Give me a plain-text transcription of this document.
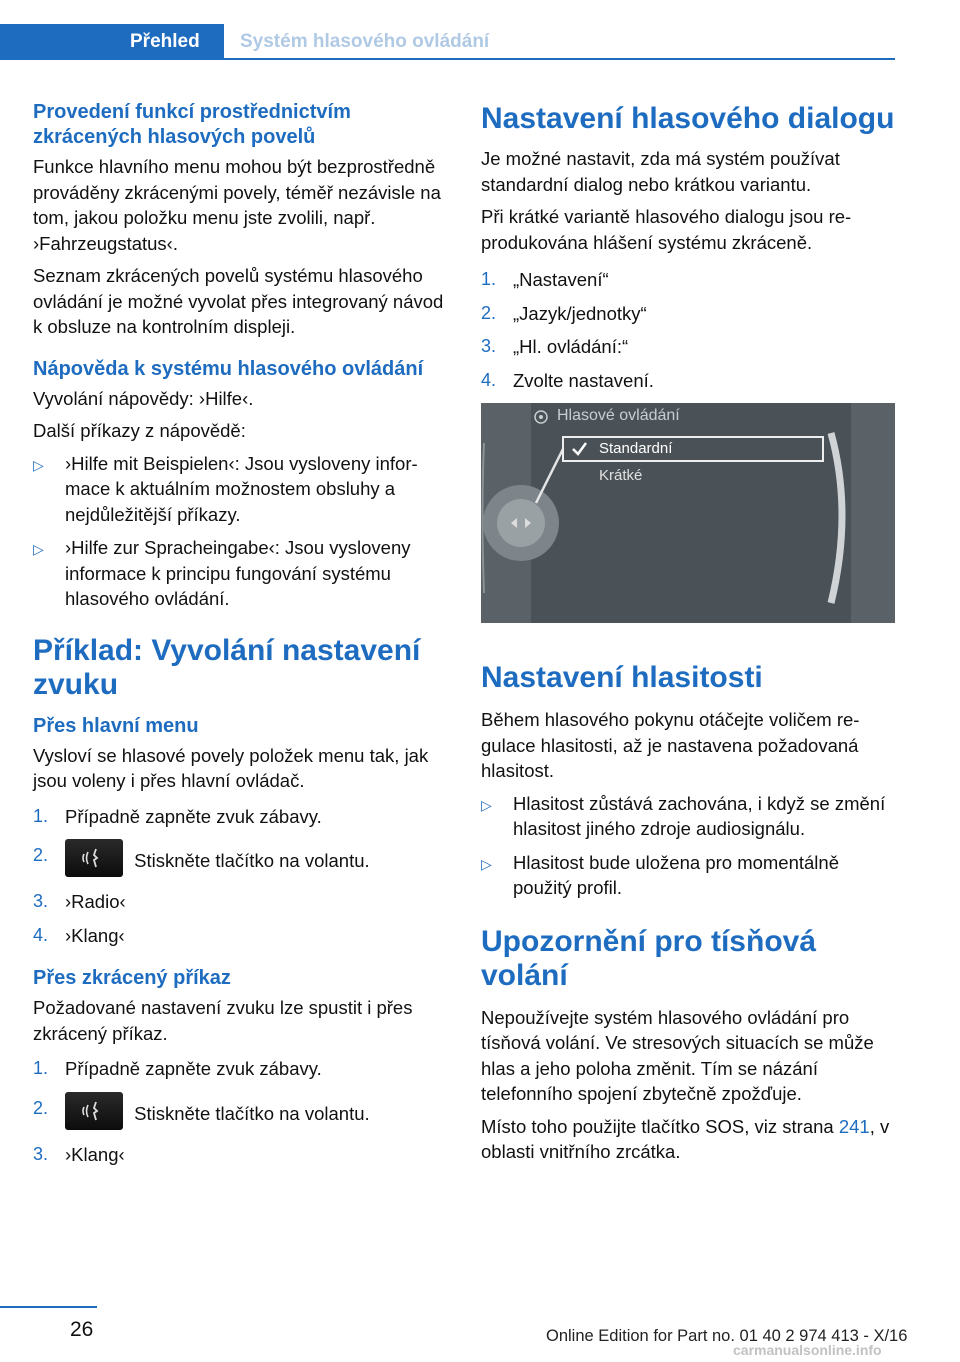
Přehled	Systém hlasového ovládání
Provedení funkcí prostřednictvím zkrácených hlasových povelů
Funkce hlavního menu mohou být bezprostředně prováděny zkrácenými povely, téměř nezávisle na tom, jakou položku menu jste zvolili, např. ›Fahrzeugstatus‹.
Seznam zkrácených povelů systému hlasového ovládání je možné vyvolat přes integrovaný návod k obsluze na kontrolním displeji.
Nápověda k systému hlasového ovládání
Vyvolání nápovědy: ›Hilfe‹.
Další příkazy z nápovědě:
▷ ›Hilfe mit Beispielen‹: Jsou vysloveny informace k aktuálním možnostem obsluhy a nejdůležitější příkazy.
▷ ›Hilfe zur Spracheingabe‹: Jsou vysloveny informace k principu fungování systému hlasového ovládání.
Příklad: Vyvolání nastavení zvuku
Přes hlavní menu
Vysloví se hlasové povely položek menu tak, jak jsou voleny i přes hlavní ovládač.
1. Případně zapněte zvuk zábavy.
2.	Stiskněte tlačítko na volantu.
3. ›Radio‹
4. ›Klang‹
Přes zkrácený příkaz
Požadované nastavení zvuku lze spustit i přes zkrácený příkaz.
1. Případně zapněte zvuk zábavy.
2.	Stiskněte tlačítko na volantu.
3. ›Klang‹
Nastavení hlasového dialogu
Je možné nastavit, zda má systém používat standardní dialog nebo krátkou variantu.
Při krátké variantě hlasového dialogu jsou reprodukována hlášení systému zkráceně.
1. „Nastavení“
2. „Jazyk/jednotky“
3. „Hl. ovládání:“
4. Zvolte nastavení.
Hlasové ovládání
Standardní
Krátké
Nastavení hlasitosti
Během hlasového pokynu otáčejte voličem regulace hlasitosti, až je nastavena požadovaná hlasitost.
▷ Hlasitost zůstává zachována, i když se změní hlasitost jiného zdroje audiosignálu.
▷ Hlasitost bude uložena pro momentálně použitý profil.
Upozornění pro tísňová volání
Nepoužívejte systém hlasového ovládání pro tísňová volání. Ve stresových situacích se může hlas a jeho poloha změnit. Tím se názání telefonního spojení zbytečně zpožďuje.
Místo toho použijte tlačítko SOS, viz strana 241, v oblasti vnitřního zrcátka.
26	Online Edition for Part no. 01 40 2 974 413 - X/16
carmanualsonline.info
